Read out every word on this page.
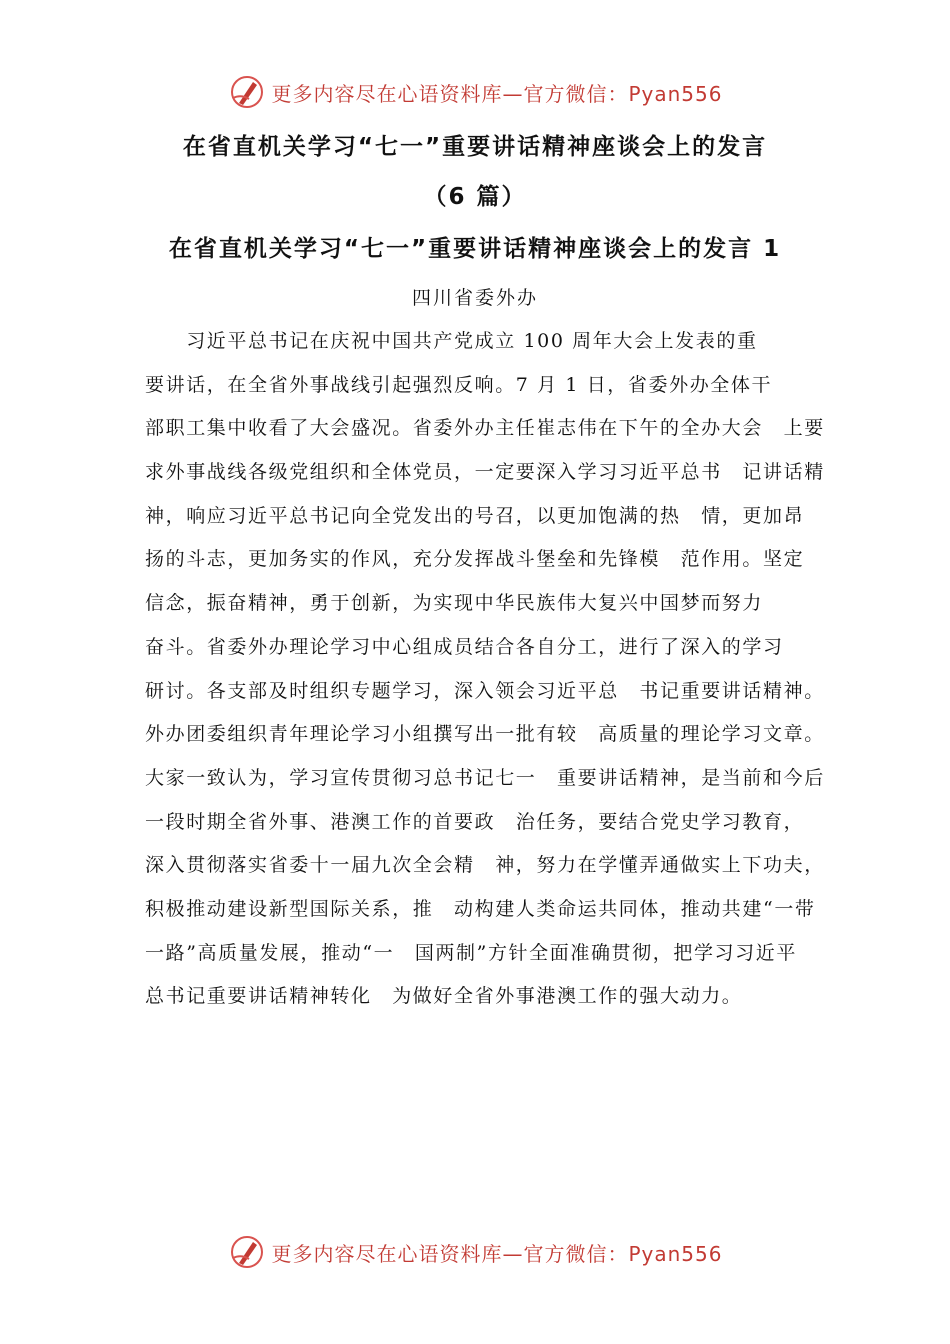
更多内容尽在心语资料库—官方微信：Pyan556
在省直机关学习“七一”重要讲话精神座谈会上的发言
（6 篇）
在省直机关学习“七一”重要讲话精神座谈会上的发言 1
四川省委外办
　　习近平总书记在庆祝中国共产党成立 100 周年大会上发表的重
要讲话，在全省外事战线引起强烈反响。7 月 1 日，省委外办全体干
部职工集中收看了大会盛况。省委外办主任崔志伟在下午的全办大会　上要
求外事战线各级党组织和全体党员，一定要深入学习习近平总书　记讲话精
神，响应习近平总书记向全党发出的号召，以更加饱满的热　情，更加昂
扬的斗志，更加务实的作风，充分发挥战斗堡垒和先锋模　范作用。坚定
信念，振奋精神，勇于创新，为实现中华民族伟大复兴中国梦而努力
奋斗。省委外办理论学习中心组成员结合各自分工，进行了深入的学习
研讨。各支部及时组织专题学习，深入领会习近平总　书记重要讲话精神。
外办团委组织青年理论学习小组撰写出一批有较　高质量的理论学习文章。
大家一致认为，学习宣传贯彻习总书记七一　重要讲话精神，是当前和今后
一段时期全省外事、港澳工作的首要政　治任务，要结合党史学习教育，
深入贯彻落实省委十一届九次全会精　神，努力在学懂弄通做实上下功夫，
积极推动建设新型国际关系，推　动构建人类命运共同体，推动共建“一带
一路”高质量发展，推动“一　国两制”方针全面准确贯彻，把学习习近平
总书记重要讲话精神转化　为做好全省外事港澳工作的强大动力。
更多内容尽在心语资料库—官方微信：Pyan556
